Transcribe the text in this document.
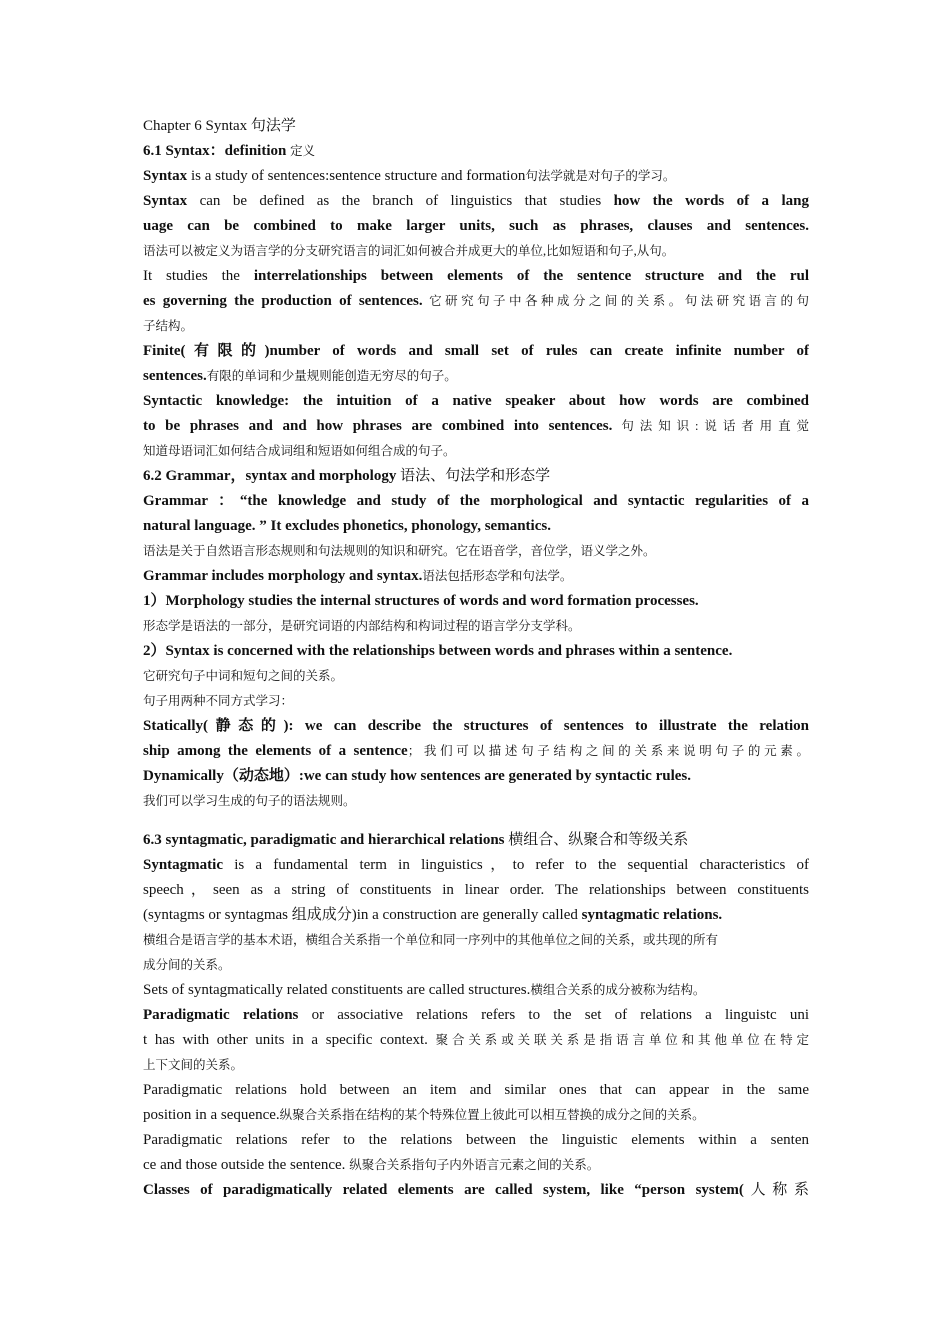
Chapter 6 Syntax 句法学
6.1 Syntax：definition 定义
Syntax is a study of sentences:sentence structure and formation句法学就是对句子的学习。
Syntax can be defined as the branch of linguistics that studies how the words of a lang
uage can be combined to make larger units, such as phrases, clauses and sentences.
语法可以被定义为语言学的分支研究语言的词汇如何被合并成更大的单位,比如短语和句子,从句。
It studies the interrelationships between elements of the sentence structure and the rul
es governing the production of sentences. 它研究句子中各种成分之间的关系。句法研究语言的句
子结构。
Finite(有限的)number of words and small set of rules can create infinite number of
sentences.有限的单词和少量规则能创造无穷尽的句子。
Syntactic knowledge: the intuition of a native speaker about how words are combined
to be phrases and and how phrases are combined into sentences. 句法知识:说话者用直觉
知道母语词汇如何结合成词组和短语如何组合成的句子。
6.2 Grammar，syntax and morphology 语法、句法学和形态学
Grammar ：“the knowledge and study of the morphological and syntactic regularities of a
natural language. ” It excludes phonetics, phonology, semantics.
语法是关于自然语言形态规则和句法规则的知识和研究。它在语音学，音位学，语义学之外。
Grammar includes morphology and syntax.语法包括形态学和句法学。
1）Morphology studies the internal structures of words and word formation processes.
形态学是语法的一部分，是研究词语的内部结构和构词过程的语言学分支学科。
2）Syntax is concerned with the relationships between words and phrases within a sentence.
它研究句子中词和短句之间的关系。
句子用两种不同方式学习：
Statically(静态的): we can describe the structures of sentences to illustrate the relation
ship among the elements of a sentence；我们可以描述句子结构之间的关系来说明句子的元素。
Dynamically（动态地）:we can study how sentences are generated by syntactic rules.
我们可以学习生成的句子的语法规则。
6.3 syntagmatic, paradigmatic and hierarchical relations 横组合、纵聚合和等级关系
Syntagmatic is a fundamental term in linguistics，to refer to the sequential characteristics of
speech，seen as a string of constituents in linear order. The relationships between constituents
(syntagms or syntagmas 组成成分)in a construction are generally called syntagmatic relations.
横组合是语言学的基本术语，横组合关系指一个单位和同一序列中的其他单位之间的关系，或共现的所有
成分间的关系。
Sets of syntagmatically related constituents are called structures.横组合关系的成分被称为结构。
Paradigmatic relations or associative relations refers to the set of relations a linguistc uni
t has with other units in a specific context. 聚合关系或关联关系是指语言单位和其他单位在特定
上下文间的关系。
Paradigmatic relations hold between an item and similar ones that can appear in the same
position in a sequence.纵聚合关系指在结构的某个特殊位置上彼此可以相互替换的成分之间的关系。
Paradigmatic relations refer to the relations between the linguistic elements within a senten
ce and those outside the sentence. 纵聚合关系指句子内外语言元素之间的关系。
Classes of paradigmatically related elements are called system, like “person system(人称系
